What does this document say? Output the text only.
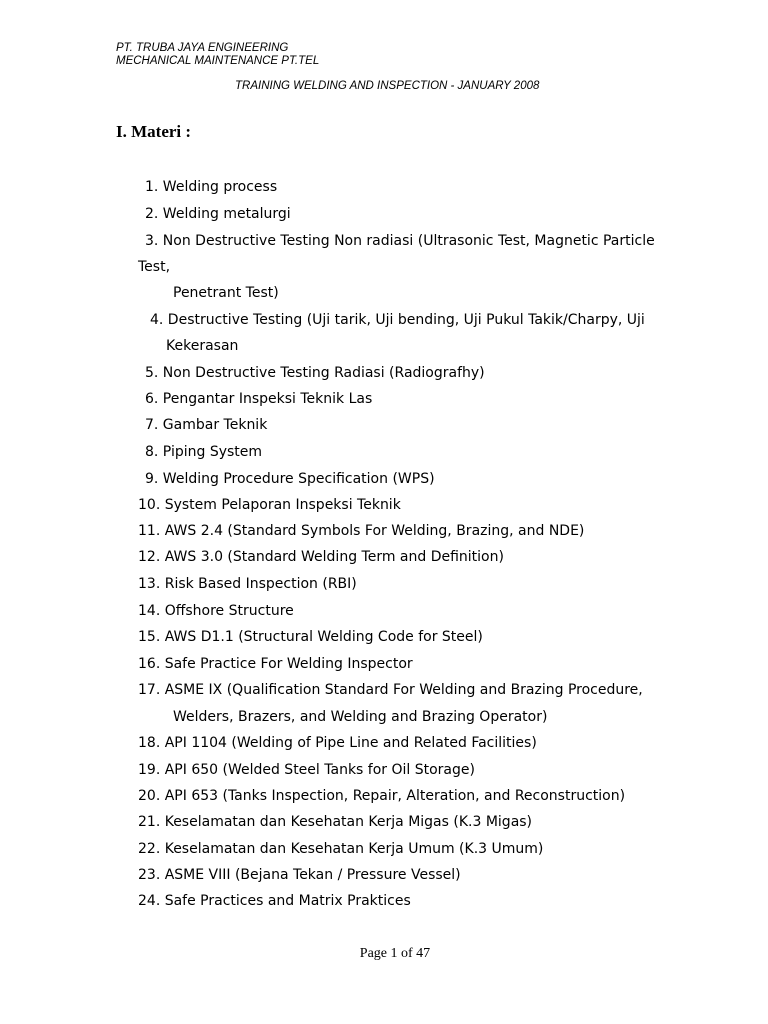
PT. TRUBA JAYA ENGINEERING
MECHANICAL MAINTENANCE PT.TEL
TRAINING WELDING AND INSPECTION - JANUARY 2008
I. Materi :
1. Welding process
2. Welding metalurgi
3. Non Destructive Testing Non radiasi (Ultrasonic Test, Magnetic Particle
Test,
Penetrant Test)
4. Destructive Testing (Uji tarik, Uji bending, Uji Pukul Takik/Charpy, Uji
Kekerasan
5. Non Destructive Testing Radiasi (Radiografhy)
6. Pengantar Inspeksi Teknik Las
7. Gambar Teknik
8. Piping System
9. Welding Procedure Specification (WPS)
10. System Pelaporan Inspeksi Teknik
11. AWS 2.4 (Standard Symbols For Welding, Brazing, and NDE)
12. AWS 3.0 (Standard Welding Term and Definition)
13. Risk Based Inspection (RBI)
14. Offshore Structure
15. AWS D1.1 (Structural Welding Code for Steel)
16. Safe Practice For Welding Inspector
17. ASME IX (Qualification Standard For Welding and Brazing Procedure,
Welders, Brazers, and Welding and Brazing Operator)
18. API 1104 (Welding of Pipe Line and Related Facilities)
19. API 650 (Welded Steel Tanks for Oil Storage)
20. API 653 (Tanks Inspection, Repair, Alteration, and Reconstruction)
21. Keselamatan dan Kesehatan Kerja Migas (K.3 Migas)
22. Keselamatan dan Kesehatan Kerja Umum (K.3 Umum)
23. ASME VIII (Bejana Tekan / Pressure Vessel)
24. Safe Practices and Matrix Praktices
Page 1 of 47
